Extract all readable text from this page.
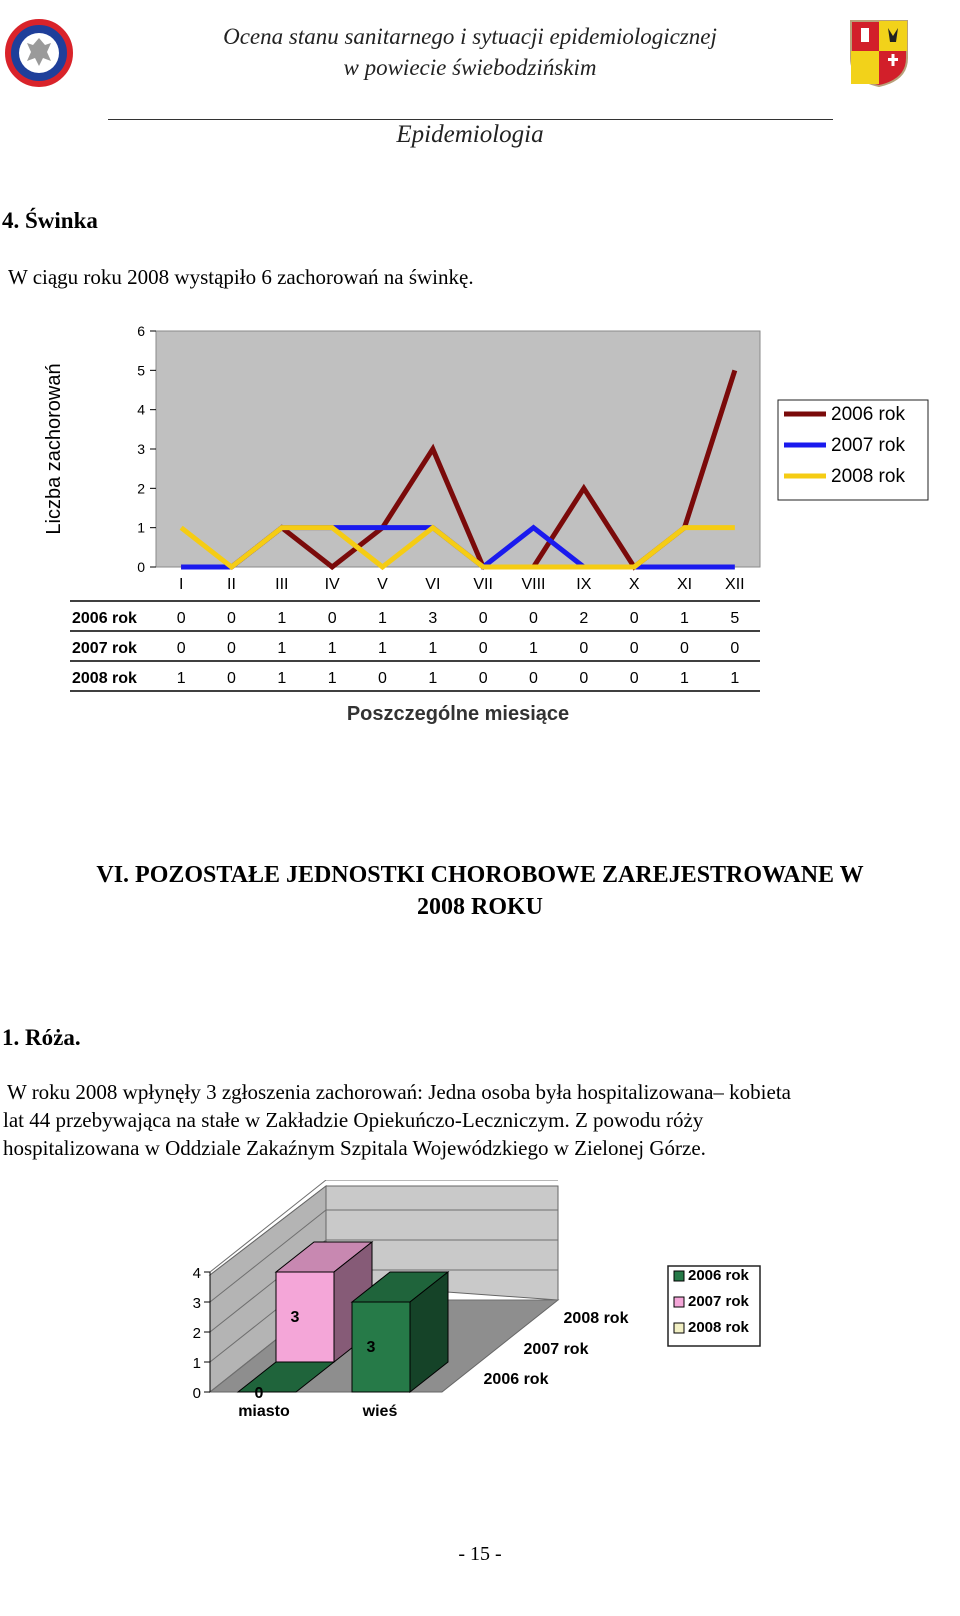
Ocena stanu sanitarnego i sytuacji epidemiologicznej
w powiecie świebodzińskim
Epidemiologia
4. Świnka
W ciągu roku 2008 wystąpiło 6 zachorowań na świnkę.
0
1
2
3
4
5
6
I	II III IV V VI VII VIII IX X XI XII
2006 rok 0	0	1	0	1	3	0	0	2	0	1	5
2007 rok 0	0	1	1	1	1	0	1	0	0	0	0
2008 rok 1	0	1	1	0	1	0	0	0	0	1	1
Liczba zachorowań
Poszczególne miesiące
2006 rok
2007 rok
2008 rok
VI. POZOSTAŁE JEDNOSTKI CHOROBOWE ZAREJESTROWANE W
2008 ROKU
1. Róża.
W roku 2008 wpłynęły 3 zgłoszenia zachorowań: Jedna osoba była hospitalizowana– kobieta
lat 44 przebywająca na stałe w Zakładzie Opiekuńczo-Leczniczym. Z powodu róży
hospitalizowana w Oddziale Zakaźnym Szpitala Wojewódzkiego w Zielonej Górze.
3
3
0
0
1
2
3
4
miasto	wieś
2006 rok
2007 rok
2008 rok
2006 rok
2007 rok
2008 rok
- 15 -
